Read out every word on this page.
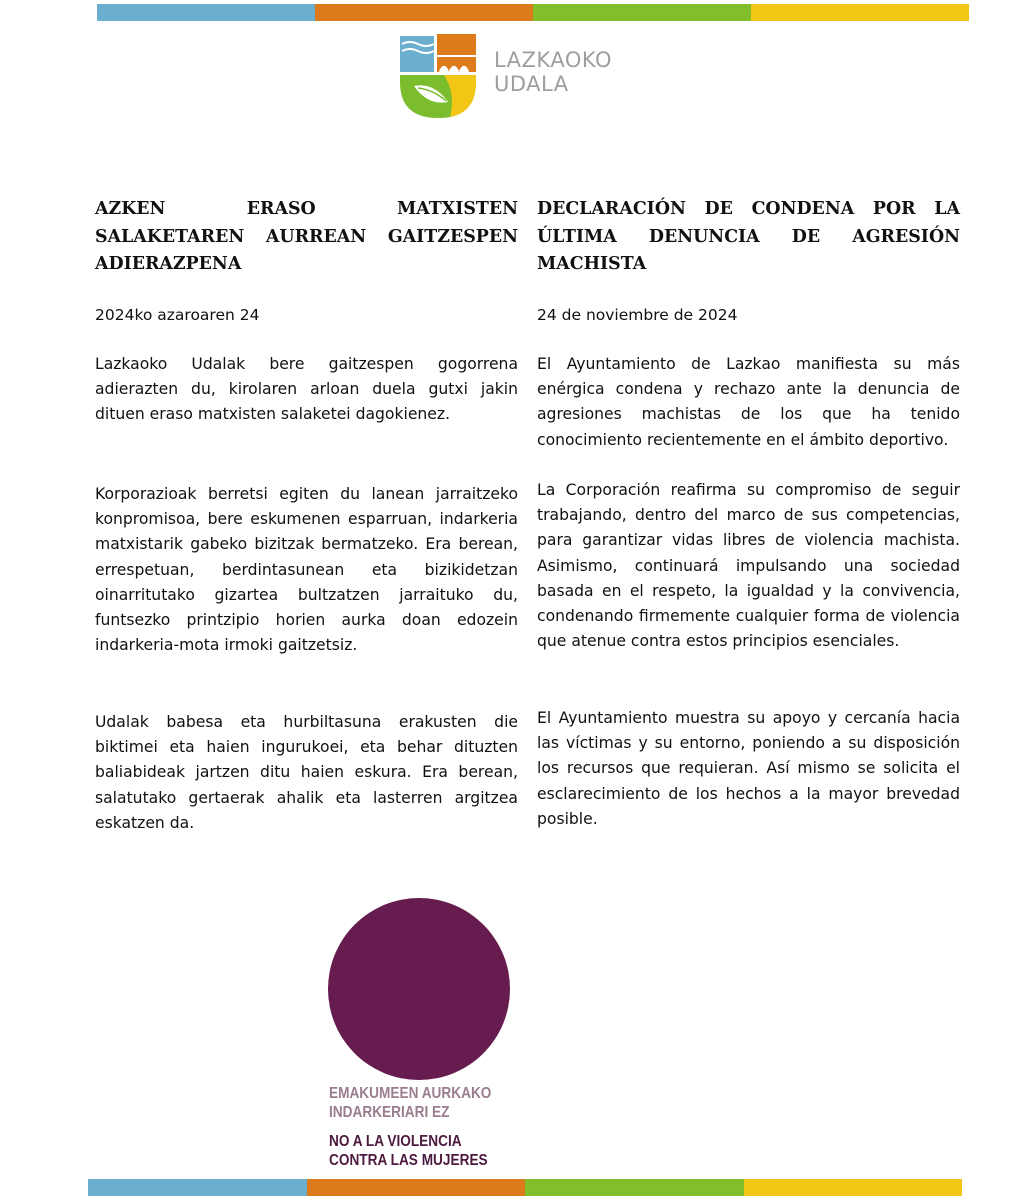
LAZKAOKO
UDALA
AZKEN ERASO MATXISTEN SALAKETAREN AURREAN GAITZESPEN ADIERAZPENA
2024ko azaroaren 24

Lazkaoko Udalak bere gaitzespen gogorrena adierazten du, kirolaren arloan duela gutxi jakin dituen eraso matxisten salaketei dagokienez.

Korporazioak berretsi egiten du lanean jarraitzeko konpromisoa, bere eskumenen esparruan, indarkeria matxistarik gabeko bizitzak bermatzeko. Era berean, errespetuan, berdintasunean eta bizikidetzan oinarritutako gizartea bultzatzen jarraituko du, funtsezko printzipio horien aurka doan edozein indarkeria-mota irmoki gaitzetsiz.

Udalak babesa eta hurbiltasuna erakusten die biktimei eta haien ingurukoei, eta behar dituzten baliabideak jartzen ditu haien eskura. Era berean, salatutako gertaerak ahalik eta lasterren argitzea eskatzen da.

DECLARACIÓN DE CONDENA POR LA ÚLTIMA DENUNCIA DE AGRESIÓN MACHISTA
24 de noviembre de 2024

El Ayuntamiento de Lazkao manifiesta su más enérgica condena y rechazo ante la denuncia de agresiones machistas de los que ha tenido conocimiento recientemente en el ámbito deportivo.

La Corporación reafirma su compromiso de seguir trabajando, dentro del marco de sus competencias, para garantizar vidas libres de violencia machista. Asimismo, continuará impulsando una sociedad basada en el respeto, la igualdad y la convivencia, condenando firmemente cualquier forma de violencia que atenue contra estos principios esenciales.

El Ayuntamiento muestra su apoyo y cercanía hacia las víctimas y su entorno, poniendo a su disposición los recursos que requieran. Así mismo se solicita el esclarecimiento de los hechos a la mayor brevedad posible.

EMAKUMEEN AURKAKO
INDARKERIARI EZ
NO A LA VIOLENCIA
CONTRA LAS MUJERES
